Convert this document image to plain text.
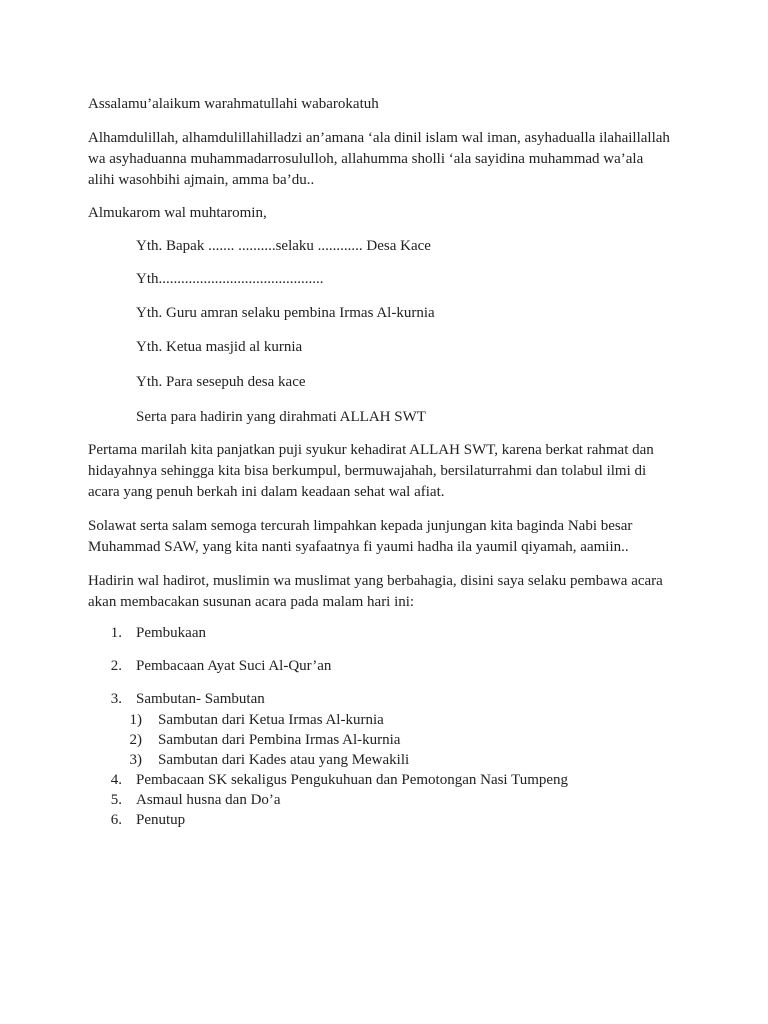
Assalamu’alaikum warahmatullahi wabarokatuh
Alhamdulillah, alhamdulillahilladzi an’amana ‘ala dinil islam wal iman, asyhadualla ilahaillallah
wa asyhaduanna muhammadarrosululloh, allahumma sholli ‘ala sayidina muhammad wa’ala
alihi wasohbihi ajmain, amma ba’du..
Almukarom wal muhtaromin,
Yth. Bapak ....... ..........selaku ............ Desa Kace
Yth............................................
Yth. Guru amran selaku pembina Irmas Al-kurnia
Yth. Ketua masjid al kurnia
Yth. Para sesepuh desa kace
Serta para hadirin yang dirahmati ALLAH SWT
Pertama marilah kita panjatkan puji syukur kehadirat ALLAH SWT, karena berkat rahmat dan
hidayahnya sehingga kita bisa berkumpul, bermuwajahah, bersilaturrahmi dan tolabul ilmi di
acara yang penuh berkah ini dalam keadaan sehat wal afiat.
Solawat serta salam semoga tercurah limpahkan kepada junjungan kita baginda Nabi besar
Muhammad SAW, yang kita nanti syafaatnya fi yaumi hadha ila yaumil qiyamah, aamiin..
Hadirin wal hadirot, muslimin wa muslimat yang berbahagia, disini saya selaku pembawa acara
akan membacakan susunan acara pada malam hari ini:
1. Pembukaan
2. Pembacaan Ayat Suci Al-Qur’an
3. Sambutan- Sambutan
1) Sambutan dari Ketua Irmas Al-kurnia
2) Sambutan dari Pembina Irmas Al-kurnia
3) Sambutan dari Kades atau yang Mewakili
4. Pembacaan SK sekaligus Pengukuhuan dan Pemotongan Nasi Tumpeng
5. Asmaul husna dan Do’a
6. Penutup
